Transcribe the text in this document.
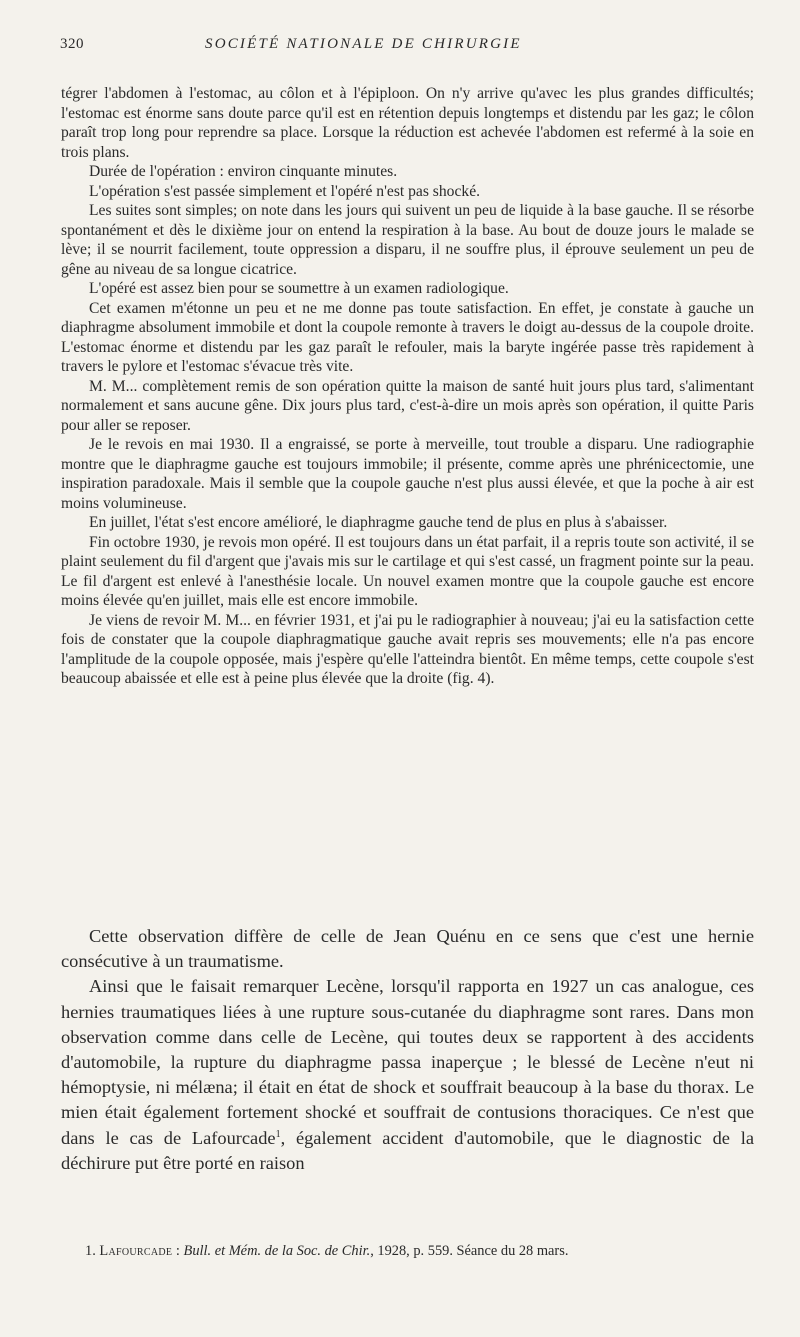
320	SOCIÉTÉ NATIONALE DE CHIRURGIE

tégrer l'abdomen à l'estomac, au côlon et à l'épiploon. On n'y arrive qu'avec les plus grandes difficultés; l'estomac est énorme sans doute parce qu'il est en rétention depuis longtemps et distendu par les gaz; le côlon paraît trop long pour reprendre sa place. Lorsque la réduction est achevée l'abdomen est refermé à la soie en trois plans.

Durée de l'opération : environ cinquante minutes.

L'opération s'est passée simplement et l'opéré n'est pas shocké.

Les suites sont simples; on note dans les jours qui suivent un peu de liquide à la base gauche. Il se résorbe spontanément et dès le dixième jour on entend la respiration à la base. Au bout de douze jours le malade se lève; il se nourrit facilement, toute oppression a disparu, il ne souffre plus, il éprouve seulement un peu de gêne au niveau de sa longue cicatrice.

L'opéré est assez bien pour se soumettre à un examen radiologique.

Cet examen m'étonne un peu et ne me donne pas toute satisfaction. En effet, je constate à gauche un diaphragme absolument immobile et dont la coupole remonte à travers le doigt au-dessus de la coupole droite. L'estomac énorme et distendu par les gaz paraît le refouler, mais la baryte ingérée passe très rapidement à travers le pylore et l'estomac s'évacue très vite.

M. M... complètement remis de son opération quitte la maison de santé huit jours plus tard, s'alimentant normalement et sans aucune gêne. Dix jours plus tard, c'est-à-dire un mois après son opération, il quitte Paris pour aller se reposer.

Je le revois en mai 1930. Il a engraissé, se porte à merveille, tout trouble a disparu. Une radiographie montre que le diaphragme gauche est toujours immobile; il présente, comme après une phrénicectomie, une inspiration paradoxale. Mais il semble que la coupole gauche n'est plus aussi élevée, et que la poche à air est moins volumineuse.

En juillet, l'état s'est encore amélioré, le diaphragme gauche tend de plus en plus à s'abaisser.

Fin octobre 1930, je revois mon opéré. Il est toujours dans un état parfait, il a repris toute son activité, il se plaint seulement du fil d'argent que j'avais mis sur le cartilage et qui s'est cassé, un fragment pointe sur la peau. Le fil d'argent est enlevé à l'anesthésie locale. Un nouvel examen montre que la coupole gauche est encore moins élevée qu'en juillet, mais elle est encore immobile.

Je viens de revoir M. M... en février 1931, et j'ai pu le radiographier à nouveau; j'ai eu la satisfaction cette fois de constater que la coupole diaphragmatique gauche avait repris ses mouvements; elle n'a pas encore l'amplitude de la coupole opposée, mais j'espère qu'elle l'atteindra bientôt. En même temps, cette coupole s'est beaucoup abaissée et elle est à peine plus élevée que la droite (fig. 4).

Cette observation diffère de celle de Jean Quénu en ce sens que c'est une hernie consécutive à un traumatisme.

Ainsi que le faisait remarquer Lecène, lorsqu'il rapporta en 1927 un cas analogue, ces hernies traumatiques liées à une rupture sous-cutanée du diaphragme sont rares. Dans mon observation comme dans celle de Lecène, qui toutes deux se rapportent à des accidents d'automobile, la rupture du diaphragme passa inaperçue ; le blessé de Lecène n'eut ni hémoptysie, ni mélæna; il était en état de shock et souffrait beaucoup à la base du thorax. Le mien était également fortement shocké et souffrait de contusions thoraciques. Ce n'est que dans le cas de Lafourcade$^1$, également accident d'automobile, que le diagnostic de la déchirure put être porté en raison

1. Lafourcade : Bull. et Mém. de la Soc. de Chir., 1928, p. 559. Séance du 28 mars.
